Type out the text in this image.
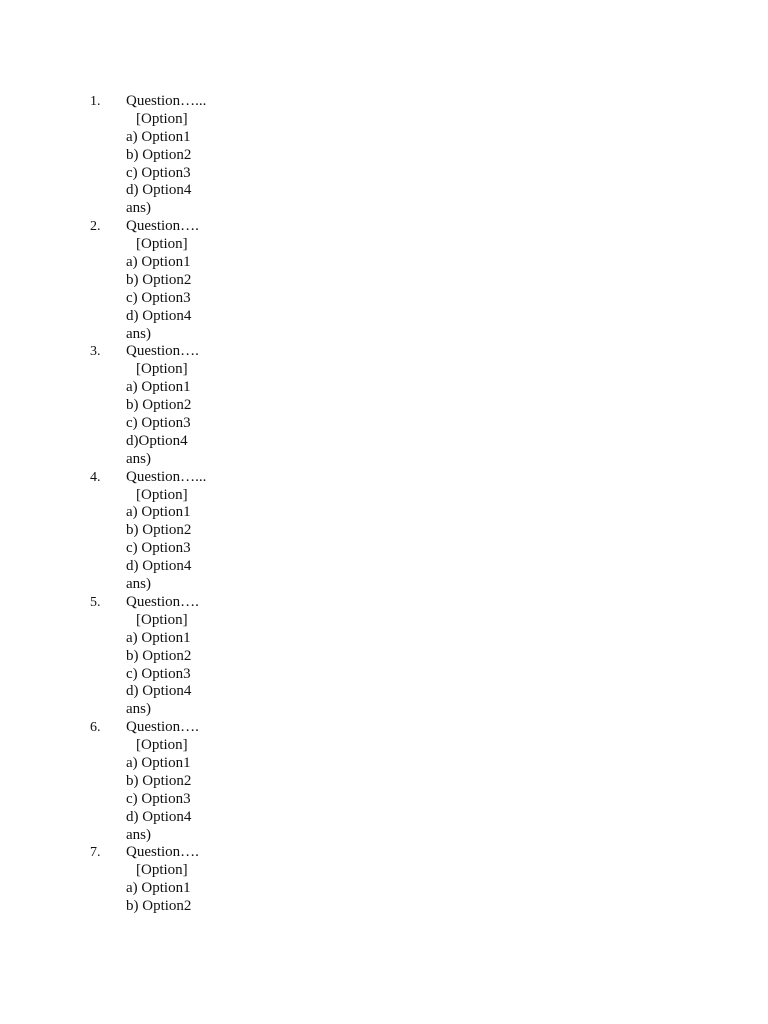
1. Question…...
[Option]
a) Option1
b) Option2
c) Option3
d) Option4
ans)
2. Question….
[Option]
a) Option1
b) Option2
c) Option3
d) Option4
ans)
3. Question….
[Option]
a) Option1
b) Option2
c) Option3
d)Option4
ans)
4. Question…...
[Option]
a) Option1
b) Option2
c) Option3
d) Option4
ans)
5. Question….
[Option]
a) Option1
b) Option2
c) Option3
d) Option4
ans)
6. Question….
[Option]
a) Option1
b) Option2
c) Option3
d) Option4
ans)
7. Question….
[Option]
a) Option1
b) Option2
